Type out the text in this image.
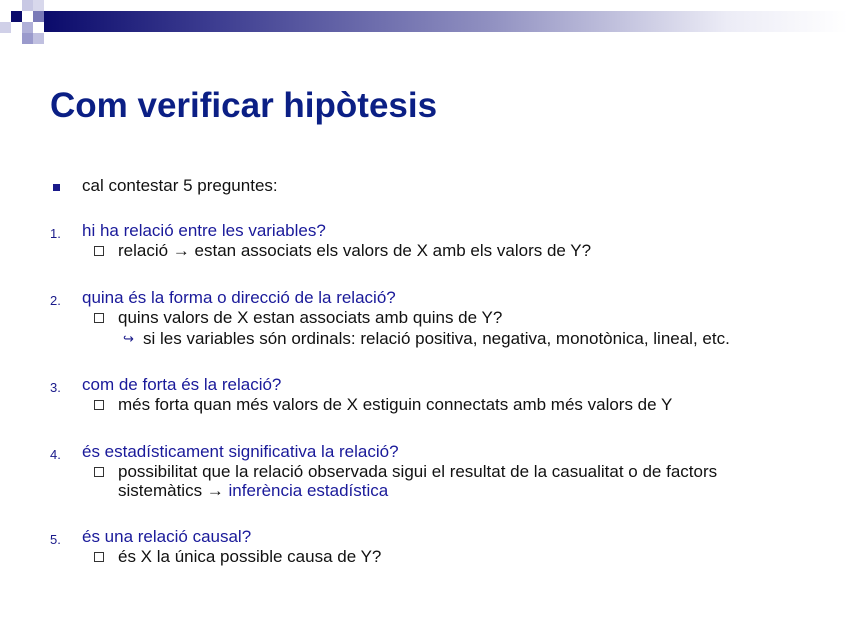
Com verificar hipòtesis
cal contestar 5 preguntes:
1. hi ha relació entre les variables?
relació → estan associats els valors de X amb els valors de Y?
2. quina és la forma o direcció de la relació?
quins valors de X estan associats amb quins de Y?
↪ si les variables són ordinals: relació positiva, negativa, monotònica, lineal, etc.
3. com de forta és la relació?
més forta quan més valors de X estiguin connectats amb més valors de Y
4. és estadísticament significativa la relació?
possibilitat que la relació observada sigui el resultat de la casualitat o de factors
sistemàtics → inferència estadística
5. és una relació causal?
és X la única possible causa de Y?
